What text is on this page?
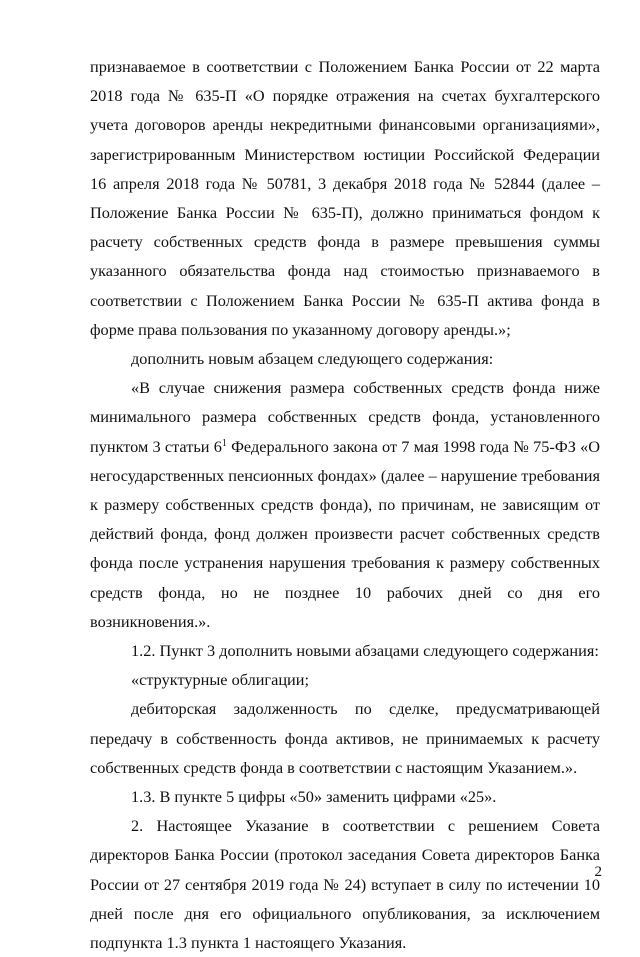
признаваемое в соответствии с Положением Банка России от 22 марта 2018 года № 635-П «О порядке отражения на счетах бухгалтерского учета договоров аренды некредитными финансовыми организациями», зарегистрированным Министерством юстиции Российской Федерации 16 апреля 2018 года № 50781, 3 декабря 2018 года № 52844 (далее – Положение Банка России № 635-П), должно приниматься фондом к расчету собственных средств фонда в размере превышения суммы указанного обязательства фонда над стоимостью признаваемого в соответствии с Положением Банка России № 635-П актива фонда в форме права пользования по указанному договору аренды.»;

дополнить новым абзацем следующего содержания:

«В случае снижения размера собственных средств фонда ниже минимального размера собственных средств фонда, установленного пунктом 3 статьи $6^1$ Федерального закона от 7 мая 1998 года № 75-ФЗ «О негосударственных пенсионных фондах» (далее – нарушение требования к размеру собственных средств фонда), по причинам, не зависящим от действий фонда, фонд должен произвести расчет собственных средств фонда после устранения нарушения требования к размеру собственных средств фонда, но не позднее 10 рабочих дней со дня его возникновения.».

1.2. Пункт 3 дополнить новыми абзацами следующего содержания:

«структурные облигации;

дебиторская задолженность по сделке, предусматривающей передачу в собственность фонда активов, не принимаемых к расчету собственных средств фонда в соответствии с настоящим Указанием.».

1.3. В пункте 5 цифры «50» заменить цифрами «25».

2. Настоящее Указание в соответствии с решением Совета директоров Банка России (протокол заседания Совета директоров Банка России от 27 сентября 2019 года № 24) вступает в силу по истечении 10 дней после дня его официального опубликования, за исключением подпункта 1.3 пункта 1 настоящего Указания.

2
